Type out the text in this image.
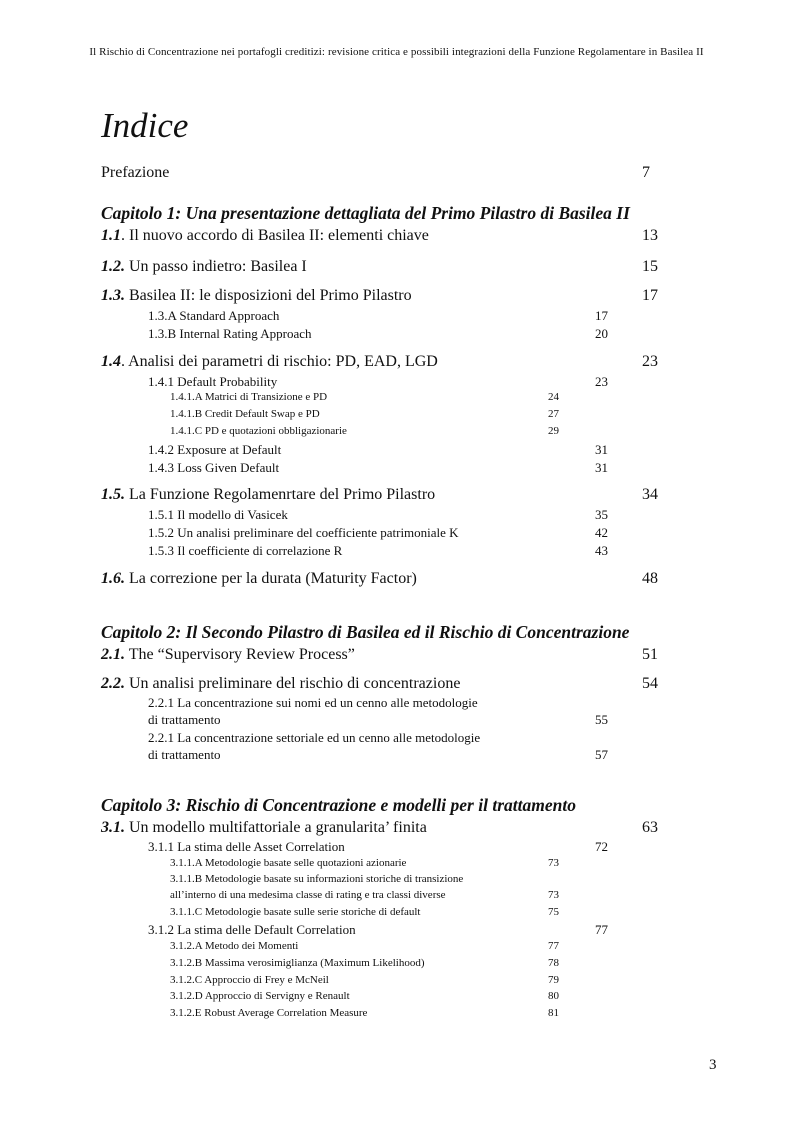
Il Rischio di Concentrazione nei portafogli creditizi: revisione critica e possibili integrazioni della Funzione Regolamentare in Basilea II
Indice
Prefazione	7
Capitolo 1: Una presentazione dettagliata del Primo Pilastro di Basilea II
1.1. Il nuovo accordo di Basilea II: elementi chiave	13
1.2. Un passo indietro: Basilea I	15
1.3. Basilea II: le disposizioni del Primo Pilastro	17
1.3.A Standard Approach	17
1.3.B Internal Rating Approach	20
1.4. Analisi dei parametri di rischio: PD, EAD, LGD	23
1.4.1 Default Probability	23
1.4.1.A Matrici di Transizione e PD	24
1.4.1.B Credit Default Swap e PD	27
1.4.1.C PD e quotazioni obbligazionarie	29
1.4.2 Exposure at Default	31
1.4.3 Loss Given Default	31
1.5. La Funzione Regolamenrtare del Primo Pilastro	34
1.5.1 Il modello di Vasicek	35
1.5.2 Un analisi preliminare del coefficiente patrimoniale K	42
1.5.3 Il coefficiente di correlazione R	43
1.6. La correzione per la durata (Maturity Factor)	48
Capitolo 2: Il Secondo Pilastro di Basilea ed il Rischio di Concentrazione
2.1. The “Supervisory Review Process”	51
2.2. Un analisi preliminare del rischio di concentrazione	54
2.2.1 La concentrazione sui nomi ed un cenno alle metodologie
di trattamento	55
2.2.1 La concentrazione settoriale ed un cenno alle metodologie
di trattamento	57
Capitolo 3: Rischio di Concentrazione e modelli per il trattamento
3.1. Un modello multifattoriale a granularita’ finita	63
3.1.1 La stima delle Asset Correlation	72
3.1.1.A Metodologie basate selle quotazioni azionarie	73
3.1.1.B Metodologie basate su informazioni storiche di transizione
all’interno di una medesima classe di rating e tra classi diverse	73
3.1.1.C Metodologie basate sulle serie storiche di default	75
3.1.2 La stima delle Default Correlation	77
3.1.2.A Metodo dei Momenti	77
3.1.2.B Massima verosimiglianza (Maximum Likelihood)	78
3.1.2.C Approccio di Frey e McNeil	79
3.1.2.D Approccio di Servigny e Renault	80
3.1.2.E Robust Average Correlation Measure	81
3
